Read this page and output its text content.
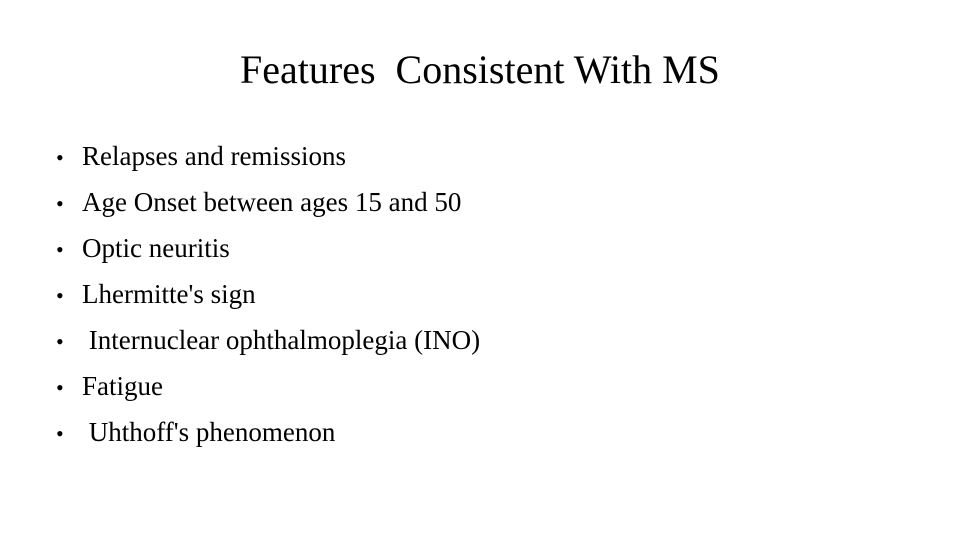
Features  Consistent With MS
• Relapses and remissions
• Age Onset between ages 15 and 50
• Optic neuritis
• Lhermitte's sign
• Internuclear ophthalmoplegia (INO)
• Fatigue
• Uhthoff's phenomenon
